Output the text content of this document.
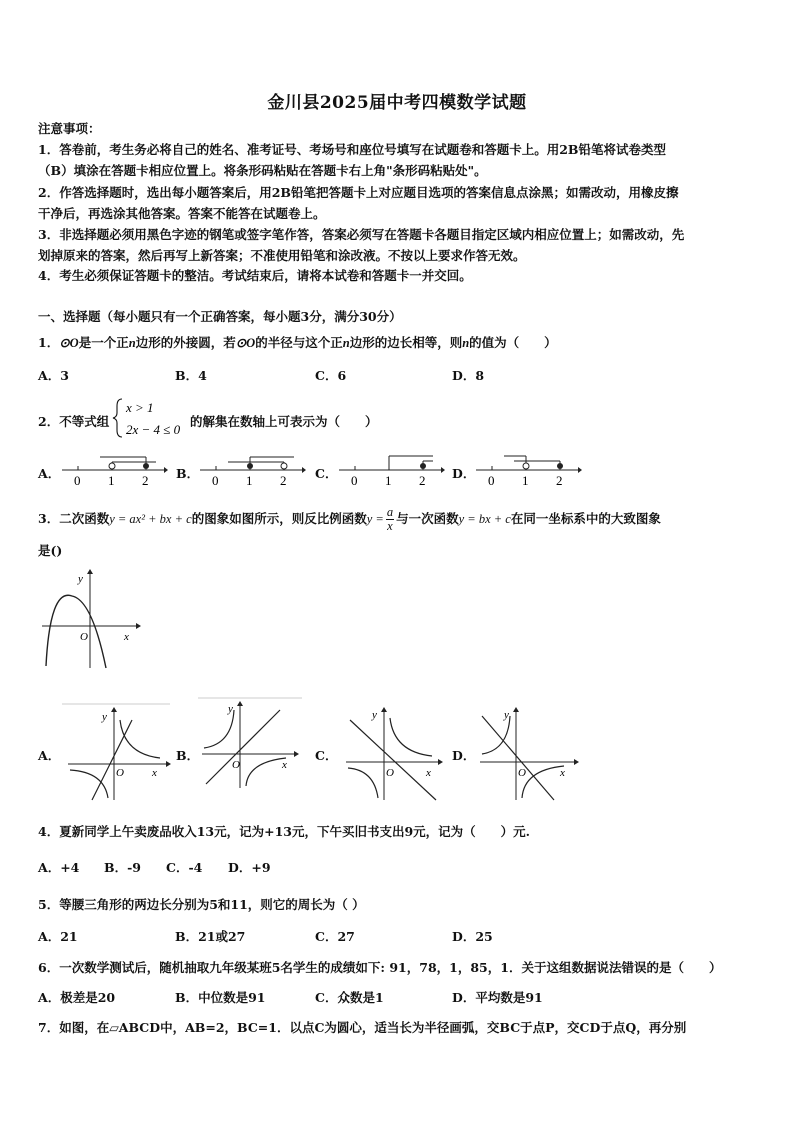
金川县2025届中考四模数学试题
注意事项：
1．答卷前，考生务必将自己的姓名、准考证号、考场号和座位号填写在试题卷和答题卡上。用2B铅笔将试卷类型
（B）填涂在答题卡相应位置上。将条形码粘贴在答题卡右上角"条形码粘贴处"。
2．作答选择题时，选出每小题答案后，用2B铅笔把答题卡上对应题目选项的答案信息点涂黑；如需改动，用橡皮擦
干净后，再选涂其他答案。答案不能答在试题卷上。
3．非选择题必须用黑色字迹的钢笔或签字笔作答，答案必须写在答题卡各题目指定区域内相应位置上；如需改动，先
划掉原来的答案，然后再写上新答案；不准使用铅笔和涂改液。不按以上要求作答无效。
4．考生必须保证答题卡的整洁。考试结束后，请将本试卷和答题卡一并交回。
一、选择题（每小题只有一个正确答案，每小题3分，满分30分）
1．⊙O是一个正n边形的外接圆，若⊙O的半径与这个正n边形的边长相等，则n的值为（　　）
A．3	B．4	C．6	D．8
2．不等式组
x > 1
2x − 4 ≤ 0
的解集在数轴上可表示为（　　）
A． 0 1 2 B． 0 1 2 C． 0 1 2 D． 0 1 2
3．二次函数y = ax² + bx + c的图象如图所示，则反比例函数$y = \frac{a}{x}$ 与一次函数y = bx + c在同一坐标系中的大致图象
是()
y
x
O
A．
y
x
O
B．
y
x
O
C．
y
x
O
D．
y
x
O
4．夏新同学上午卖废品收入13元，记为+13元，下午买旧书支出9元，记为（　　）元.
A．+4 B．-9 C．-4 D．+9
5．等腰三角形的两边长分别为5和11，则它的周长为（ ）
A．21	B．21或27	C．27	D．25
6．一次数学测试后，随机抽取九年级某班5名学生的成绩如下: 91，78，1，85，1．关于这组数据说法错误的是（　　）
A．极差是20	B．中位数是91	C．众数是1	D．平均数是91
7．如图，在▱ABCD中，AB=2，BC=1．以点C为圆心，适当长为半径画弧，交BC于点P，交CD于点Q，再分别
